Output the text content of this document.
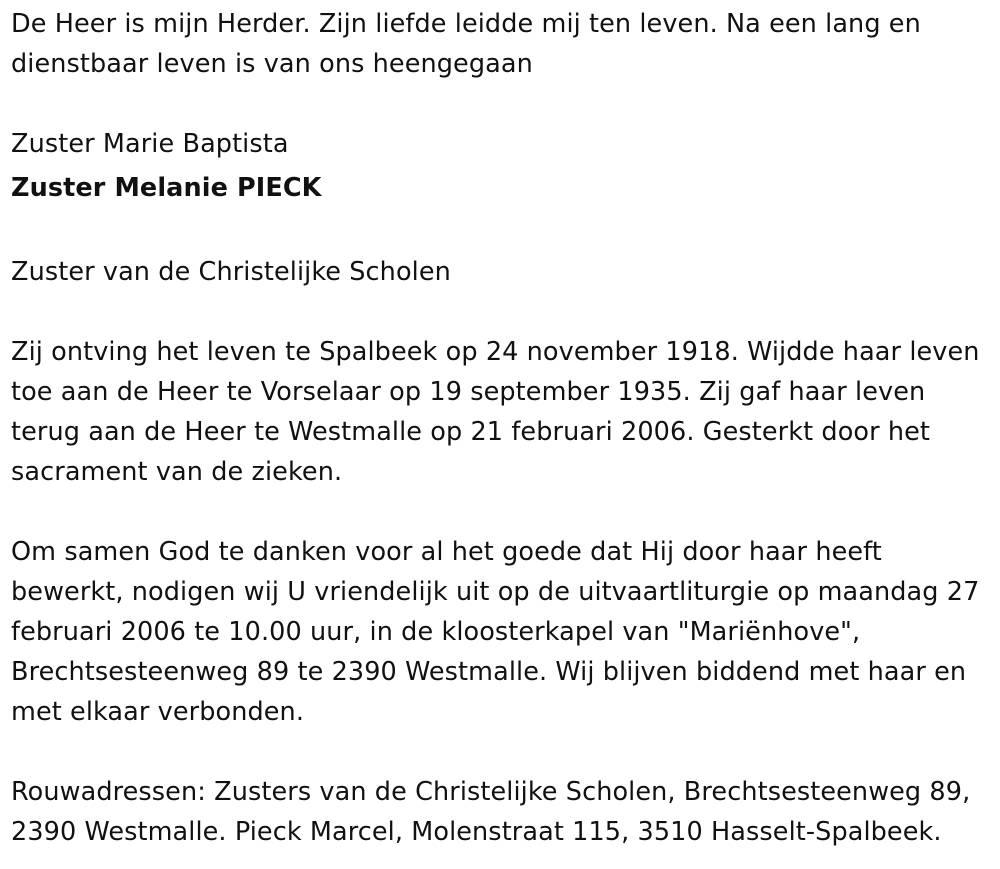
De Heer is mijn Herder. Zijn liefde leidde mij ten leven. Na een lang en dienstbaar leven is van ons heengegaan

Zuster Marie Baptista

Zuster Melanie PIECK

Zuster van de Christelijke Scholen

Zij ontving het leven te Spalbeek op 24 november 1918. Wijdde haar leven toe aan de Heer te Vorselaar op 19 september 1935. Zij gaf haar leven terug aan de Heer te Westmalle op 21 februari 2006. Gesterkt door het sacrament van de zieken.

Om samen God te danken voor al het goede dat Hij door haar heeft bewerkt, nodigen wij U vriendelijk uit op de uitvaartliturgie op maandag 27 februari 2006 te 10.00 uur, in de kloosterkapel van "Mariënhove", Brechtsesteenweg 89 te 2390 Westmalle. Wij blijven biddend met haar en met elkaar verbonden.

Rouwadressen: Zusters van de Christelijke Scholen, Brechtsesteenweg 89, 2390 Westmalle. Pieck Marcel, Molenstraat 115, 3510 Hasselt-Spalbeek.
